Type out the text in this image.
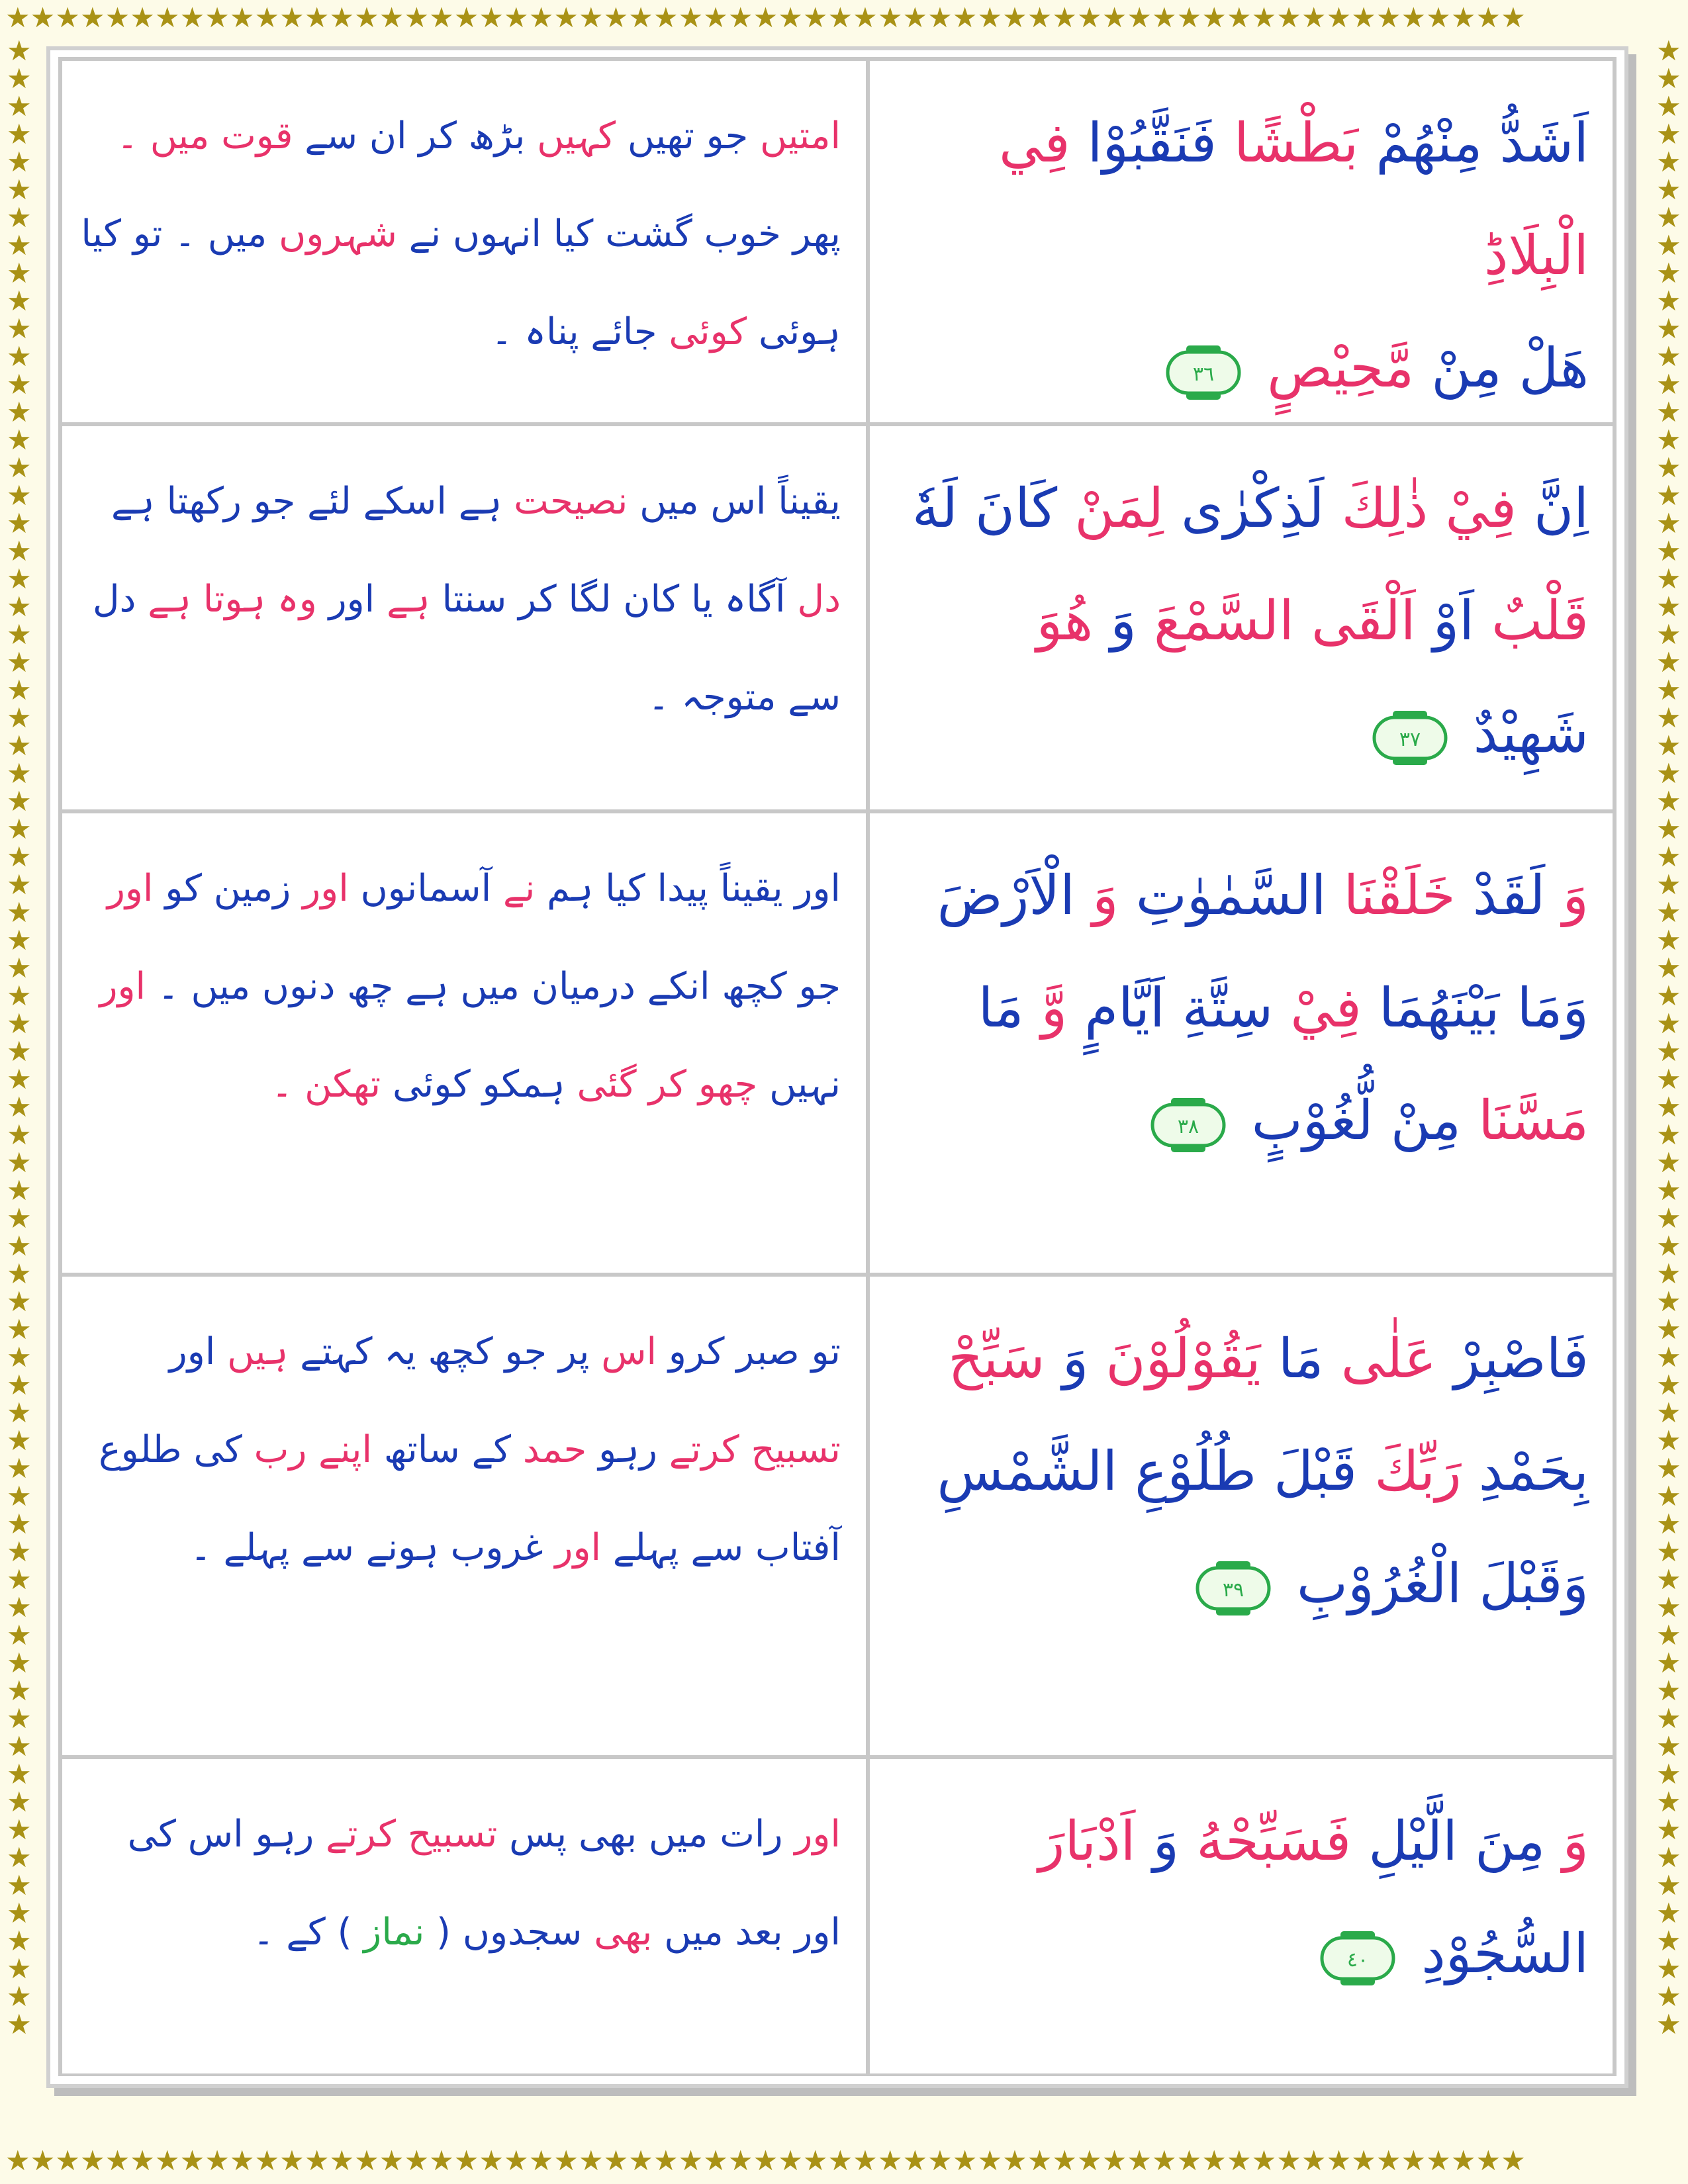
★★★★★★★★★★★★★★★★★★★★★★★★★★★★★★★★★★★★★★★★★★★★★★★★★★★★★★★★★★★★★
★★★★★★★★★★★★★★★★★★★★★★★★★★★★★★★★★★★★★★★★★★★★★★★★★★★★★★★★★★★★★
★★★★★★★★★★★★★★★★★★★★★★★★★★★★★★★★★★★★★★★★★★★★★★★★★★★★★★★★★★★★★★★★★★★★★★★★
★★★★★★★★★★★★★★★★★★★★★★★★★★★★★★★★★★★★★★★★★★★★★★★★★★★★★★★★★★★★★★★★★★★★★★★★
امتیں جو تھیں کہیں بڑھ کر ان سے قوت میں ۔ پھر خوب گشت کیا انہوں نے شہروں میں ۔ تو کیا ہوئی کوئی جائے پناہ ۔
اَشَدُّ مِنْهُمْ بَطْشًا فَنَقَّبُوْا فِي الْبِلَادِؕ
هَلْ مِنْ مَّحِيْصٍ
٣٦
یقیناً اس میں نصیحت ہے اسکے لئے جو رکھتا ہے دل آگاہ یا کان لگا کر سنتا ہے اور وہ ہوتا ہے دل سے متوجہ ۔
اِنَّ فِيْ ذٰلِكَ لَذِكْرٰى لِمَنْ كَانَ لَهٗ
قَلْبٌ اَوْ اَلْقَى السَّمْعَ وَ هُوَ
شَهِيْدٌ
٣٧
اور یقیناً پیدا کیا ہم نے آسمانوں اور زمین کو اور جو کچھ انکے درمیان میں ہے چھ دنوں میں ۔ اور نہیں چھو کر گئی ہمکو کوئی تھکن ۔
وَ لَقَدْ خَلَقْنَا السَّمٰوٰتِ وَ الْاَرْضَ
وَمَا بَيْنَهُمَا فِيْ سِتَّةِ اَيَّامٍ وَّ مَا
مَسَّنَا مِنْ لُّغُوْبٍ
٣٨
تو صبر کرو اس پر جو کچھ یہ کہتے ہیں اور تسبیح کرتے رہو حمد کے ساتھ اپنے رب کی طلوع آفتاب سے پہلے اور غروب ہونے سے پہلے ۔
فَاصْبِرْ عَلٰى مَا يَقُوْلُوْنَ وَ سَبِّحْ
بِحَمْدِ رَبِّكَ قَبْلَ طُلُوْعِ الشَّمْسِ
وَقَبْلَ الْغُرُوْبِ
٣٩
اور رات میں بھی پس تسبیح کرتے رہو اس کی اور بعد میں بھی سجدوں ( نماز ) کے ۔
وَ مِنَ الَّيْلِ فَسَبِّحْهُ وَ اَدْبَارَ
السُّجُوْدِ
٤٠
